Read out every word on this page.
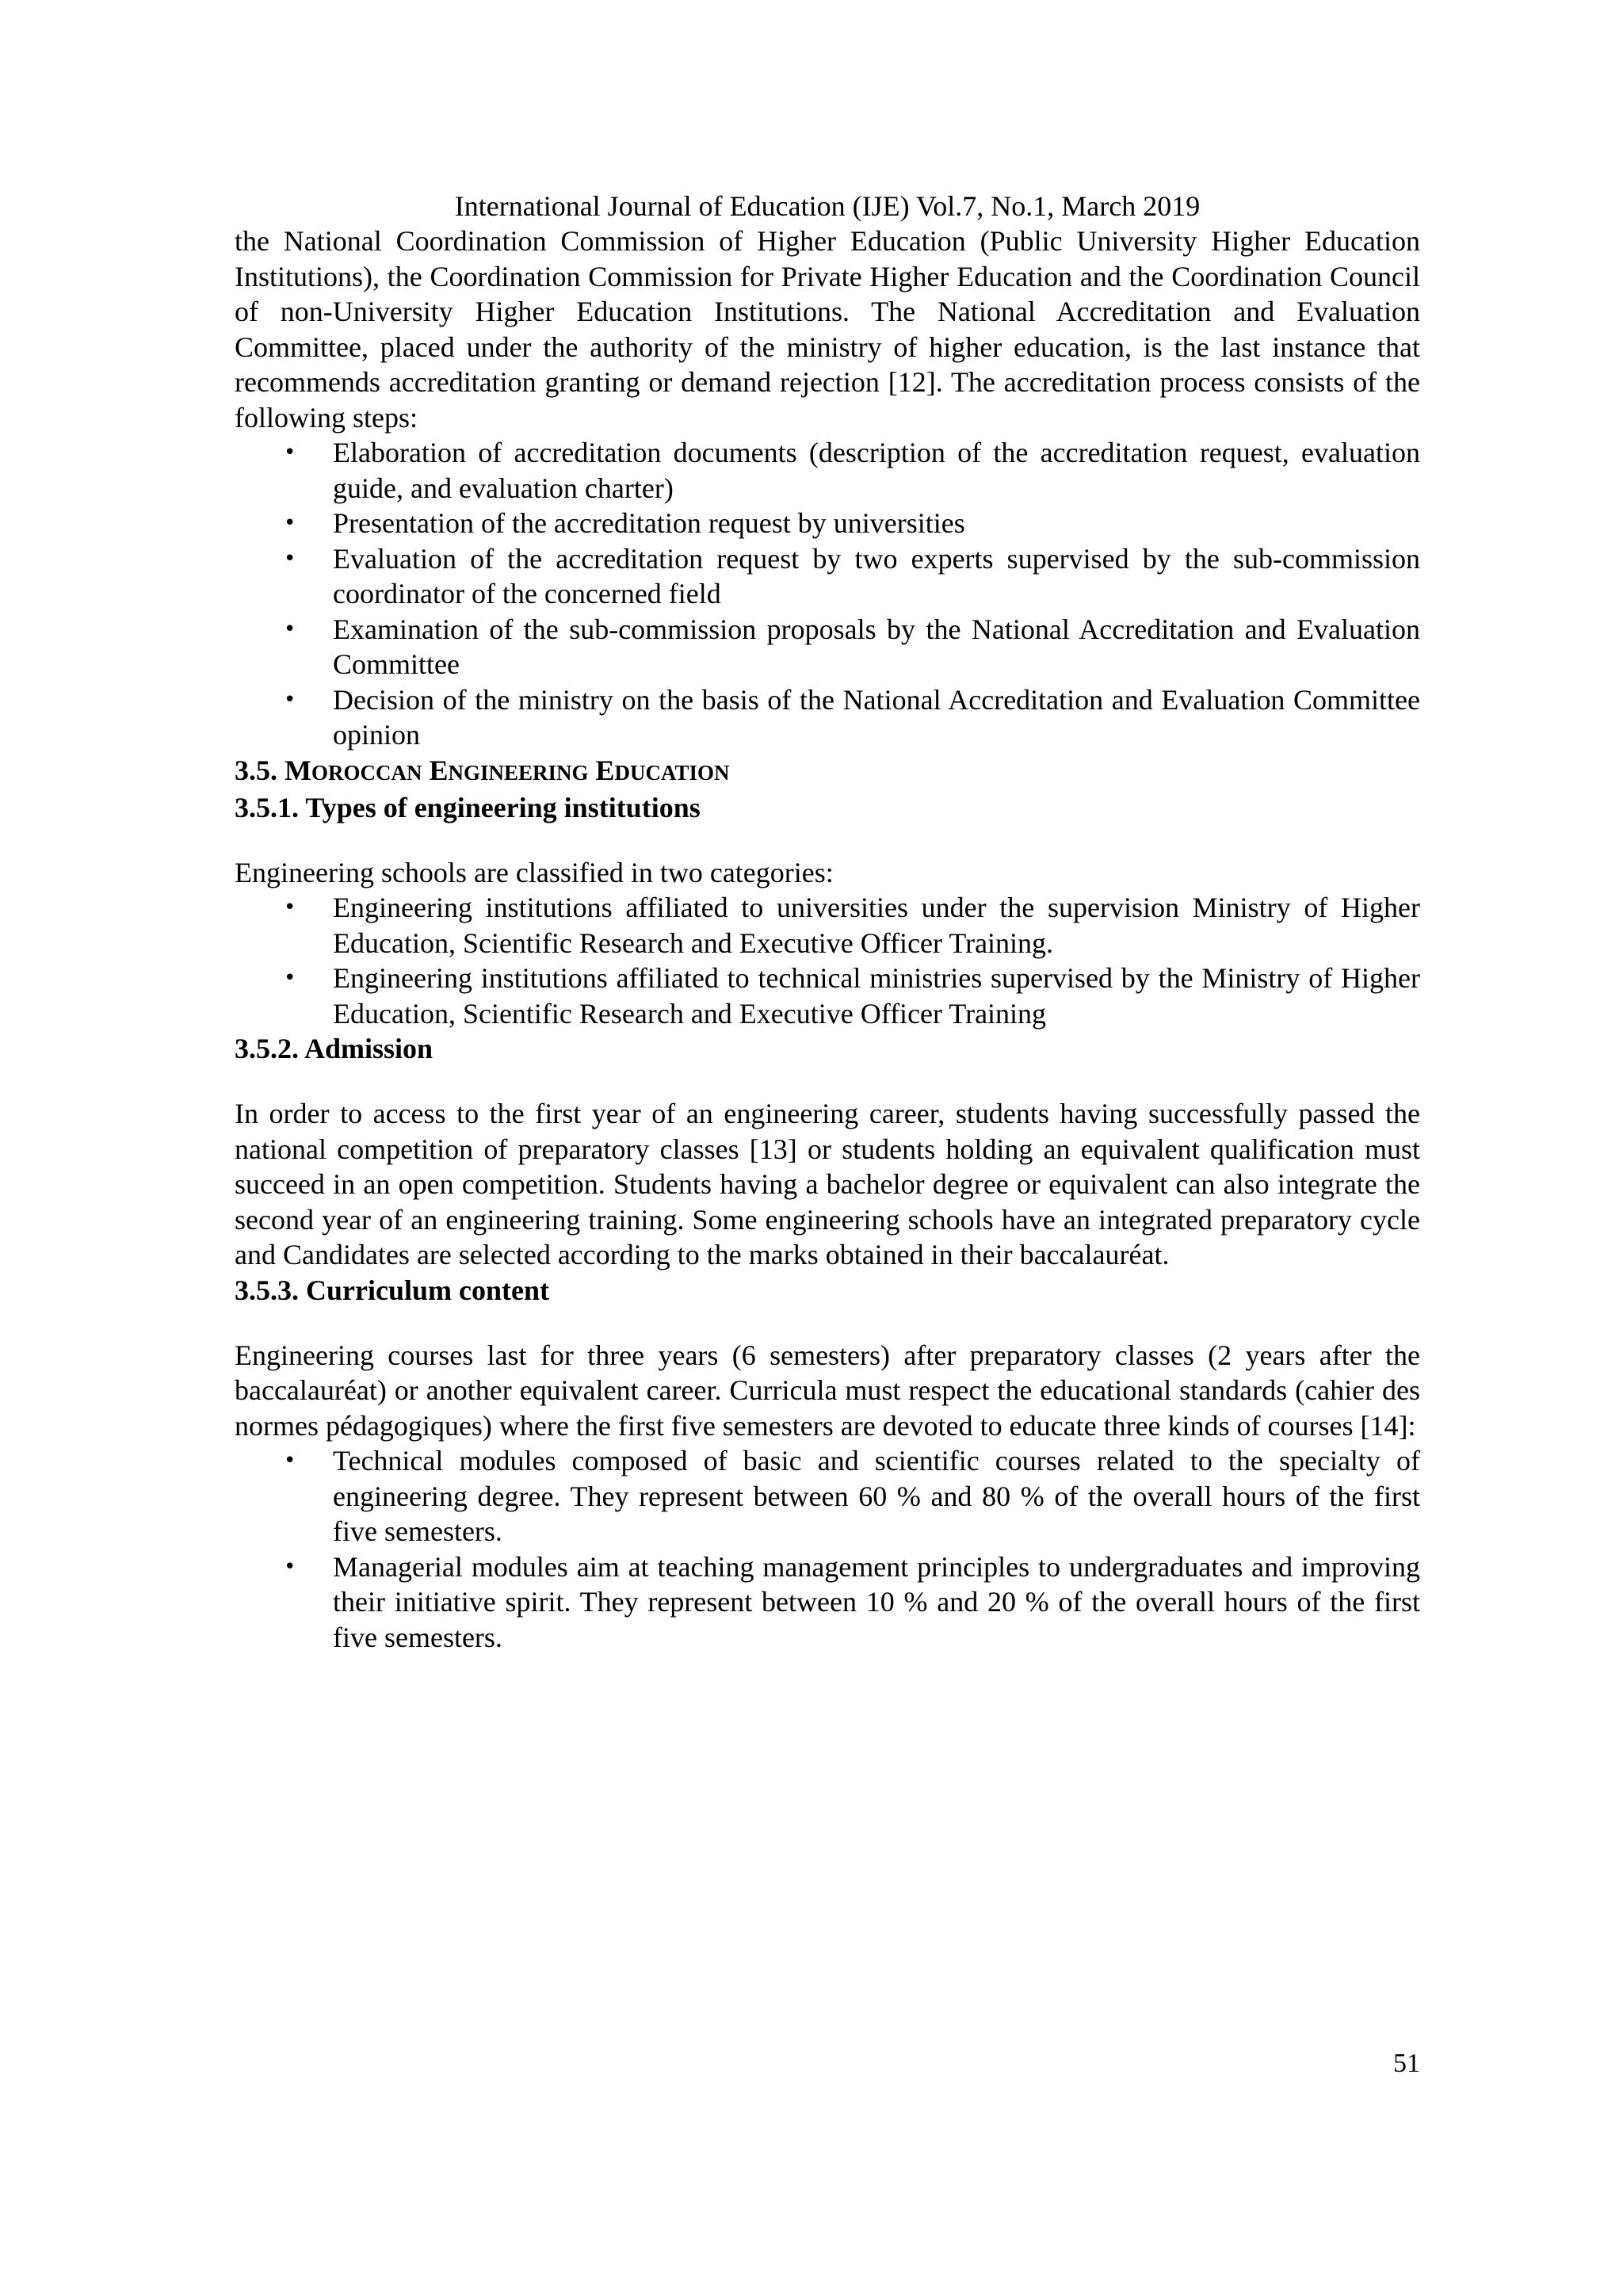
International Journal of Education (IJE) Vol.7, No.1, March 2019

the National Coordination Commission of Higher Education (Public University Higher Education Institutions), the Coordination Commission for Private Higher Education and the Coordination Council of non-University Higher Education Institutions. The National Accreditation and Evaluation Committee, placed under the authority of the ministry of higher education, is the last instance that recommends accreditation granting or demand rejection [12]. The accreditation process consists of the following steps:

• Elaboration of accreditation documents (description of the accreditation request, evaluation guide, and evaluation charter)
• Presentation of the accreditation request by universities
• Evaluation of the accreditation request by two experts supervised by the sub-commission coordinator of the concerned field
• Examination of the sub-commission proposals by the National Accreditation and Evaluation Committee
• Decision of the ministry on the basis of the National Accreditation and Evaluation Committee opinion
3.5. MOROCCAN ENGINEERING EDUCATION
3.5.1. Types of engineering institutions

Engineering schools are classified in two categories:

• Engineering institutions affiliated to universities under the supervision Ministry of Higher Education, Scientific Research and Executive Officer Training.
• Engineering institutions affiliated to technical ministries supervised by the Ministry of Higher Education, Scientific Research and Executive Officer Training
3.5.2. Admission

In order to access to the first year of an engineering career, students having successfully passed the national competition of preparatory classes [13] or students holding an equivalent qualification must succeed in an open competition. Students having a bachelor degree or equivalent can also integrate the second year of an engineering training. Some engineering schools have an integrated preparatory cycle and Candidates are selected according to the marks obtained in their baccalauréat.

3.5.3. Curriculum content

Engineering courses last for three years (6 semesters) after preparatory classes (2 years after the baccalauréat) or another equivalent career. Curricula must respect the educational standards (cahier des normes pédagogiques) where the first five semesters are devoted to educate three kinds of courses [14]:

• Technical modules composed of basic and scientific courses related to the specialty of engineering degree. They represent between 60 % and 80 % of the overall hours of the first five semesters.
• Managerial modules aim at teaching management principles to undergraduates and improving their initiative spirit. They represent between 10 % and 20 % of the overall hours of the first five semesters.
51
